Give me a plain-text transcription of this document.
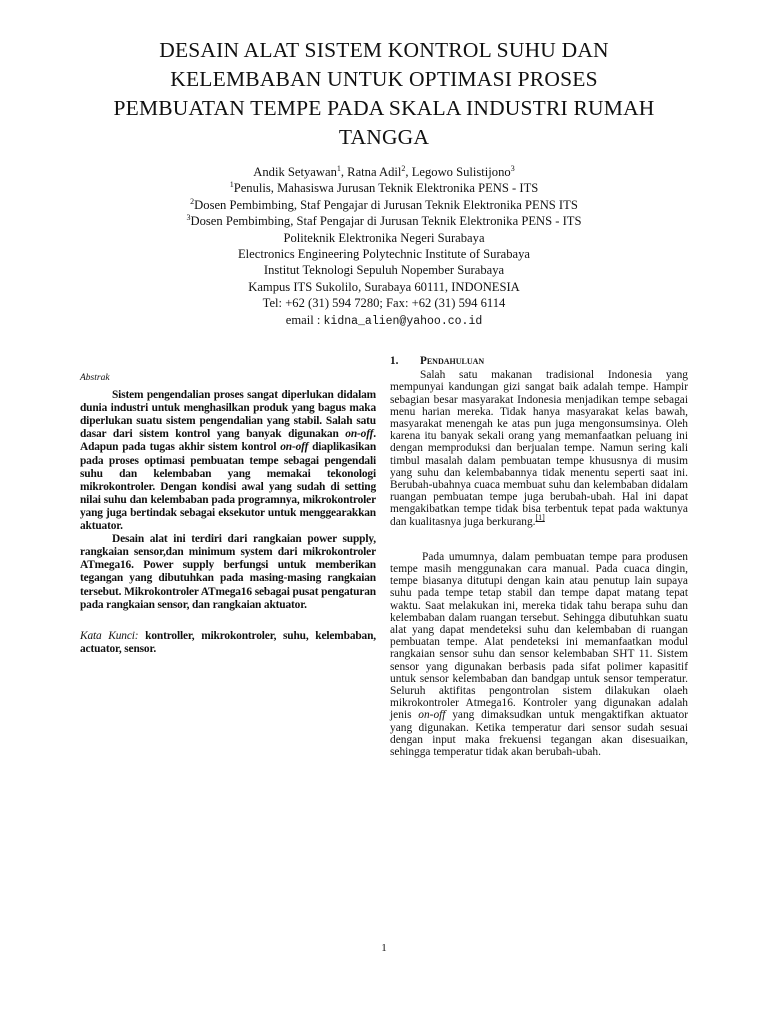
DESAIN ALAT SISTEM KONTROL SUHU DAN
KELEMBABAN UNTUK OPTIMASI PROSES
PEMBUATAN TEMPE PADA SKALA INDUSTRI RUMAH
TANGGA
Andik Setyawan$^1$, Ratna Adil$^2$, Legowo Sulistijono$^3$
$^1$Penulis, Mahasiswa Jurusan Teknik Elektronika PENS - ITS
$^2$Dosen Pembimbing, Staf Pengajar di Jurusan Teknik Elektronika PENS ITS
$^3$Dosen Pembimbing, Staf Pengajar di Jurusan Teknik Elektronika PENS - ITS
Politeknik Elektronika Negeri Surabaya
Electronics Engineering Polytechnic Institute of Surabaya
Institut Teknologi Sepuluh Nopember Surabaya
Kampus ITS Sukolilo, Surabaya 60111, INDONESIA
Tel: +62 (31) 594 7280; Fax: +62 (31) 594 6114
email : kidna_alien@yahoo.co.id
Abstrak

Sistem pengendalian proses sangat diperlukan didalam dunia industri untuk menghasilkan produk yang bagus maka diperlukan suatu sistem pengendalian yang stabil. Salah satu dasar dari sistem kontrol yang banyak digunakan on-off. Adapun pada tugas akhir sistem kontrol on-off diaplikasikan pada proses optimasi pembuatan tempe sebagai pengendali suhu dan kelembaban yang memakai tekonologi mikrokontroler. Dengan kondisi awal yang sudah di setting nilai suhu dan kelembaban pada programnya, mikrokontroler yang juga bertindak sebagai eksekutor untuk menggearakkan aktuator.

Desain alat ini terdiri dari rangkaian power supply, rangkaian sensor,dan minimum system dari mikrokontroler ATmega16. Power supply berfungsi untuk memberikan tegangan yang dibutuhkan pada masing-masing rangkaian tersebut. Mikrokontroler ATmega16 sebagai pusat pengaturan pada rangkaian sensor, dan rangkaian aktuator.

Kata Kunci: kontroller, mikrokontroler, suhu, kelembaban, actuator, sensor.
1. Pendahuluan

Salah satu makanan tradisional Indonesia yang mempunyai kandungan gizi sangat baik adalah tempe. Hampir sebagian besar masyarakat Indonesia menjadikan tempe sebagai menu harian mereka. Tidak hanya masyarakat kelas bawah, masyarakat menengah ke atas pun juga mengonsumsinya. Oleh karena itu banyak sekali orang yang memanfaatkan peluang ini dengan memproduksi dan berjualan tempe. Namun sering kali timbul masalah dalam pembuatan tempe khususnya di musim yang suhu dan kelembabannya tidak menentu seperti saat ini. Berubah-ubahnya cuaca membuat suhu dan kelembaban didalam ruangan pembuatan tempe juga berubah-ubah. Hal ini dapat mengakibatkan tempe tidak bisa terbentuk tepat pada waktunya dan kualitasnya juga berkurang.[1]

Pada umumnya, dalam pembuatan tempe para produsen tempe masih menggunakan cara manual. Pada cuaca dingin, tempe biasanya ditutupi dengan kain atau penutup lain supaya suhu pada tempe tetap stabil dan tempe dapat matang tepat waktu. Saat melakukan ini, mereka tidak tahu berapa suhu dan kelembaban dalam ruangan tersebut. Sehingga dibutuhkan suatu alat yang dapat mendeteksi suhu dan kelembaban di ruangan pembuatan tempe. Alat pendeteksi ini memanfaatkan modul rangkaian sensor suhu dan sensor kelembaban SHT 11. Sistem sensor yang digunakan berbasis pada sifat polimer kapasitif untuk sensor kelembaban dan bandgap untuk sensor temperatur. Seluruh aktifitas pengontrolan sistem dilakukan olaeh mikrokontroler Atmega16. Kontroler yang digunakan adalah jenis on-off yang dimaksudkan untuk mengaktifkan aktuator yang digunakan. Ketika temperatur dari sensor sudah sesuai dengan input maka frekuensi tegangan akan disesuaikan, sehingga temperatur tidak akan berubah-ubah.

1
